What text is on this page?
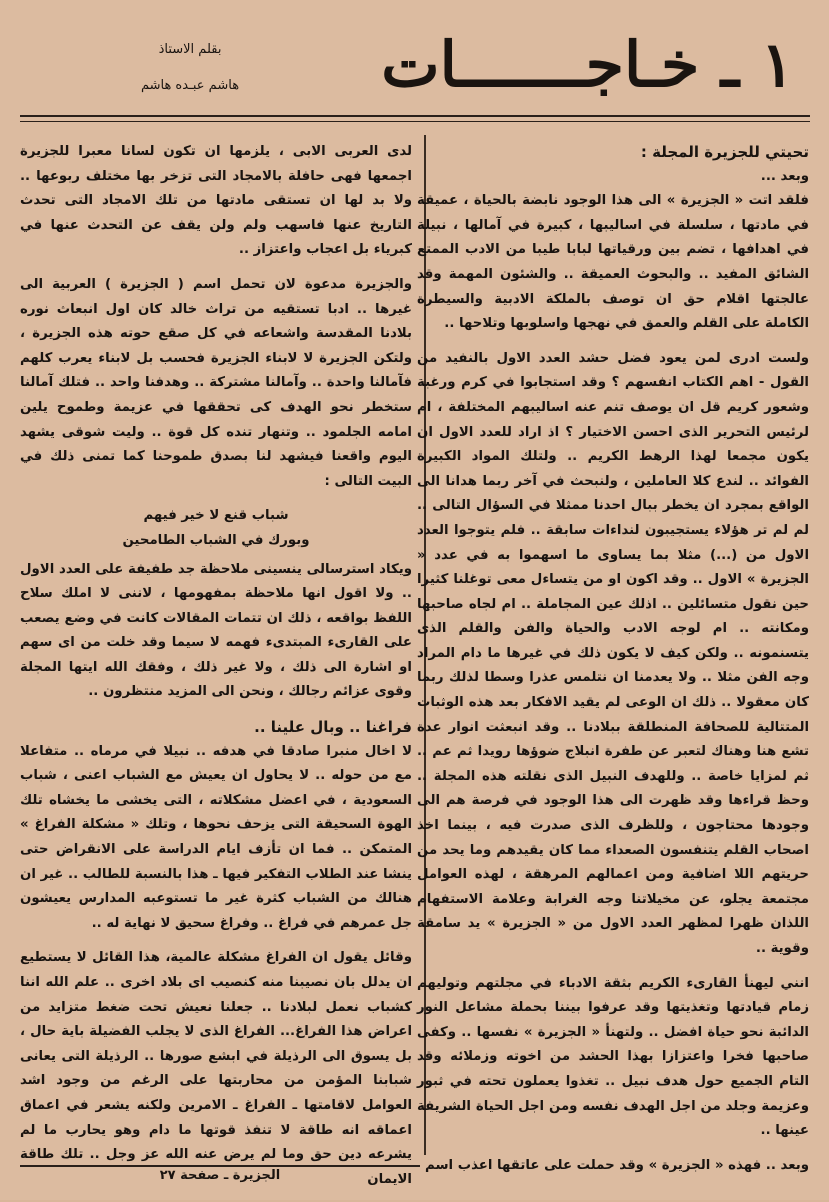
١ ـ خـاجـــــــات
بقلم الاستاذ
هاشم عبـده هاشم

تحيتي للجزيرة المجلة :

وبعد ...

فلقد اتت « الجزيرة » الى هذا الوجود نابضة بالحياة ، عميقة في مادتها ، سلسلة في اساليبها ، كبيرة في آمالها ، نبيلة في اهدافها ، تضم بين ورقياتها لبابا طيبا من الادب الممتع الشائق المفيد .. والبحوث العميقة .. والشئون المهمة وقد عالجتها اقلام حق ان توصف بالملكة الادبية والسيطرة الكاملة على القلم والعمق في نهجها واسلوبها وتلاحها ..

ولست ادرى لمن يعود فضل حشد العدد الاول بالنفيد من القول - اهم الكتاب انفسهم ؟ وقد استجابوا في كرم ورغبة وشعور كريم قل ان يوصف تنم عنه اساليبهم المختلفة ، ام لرئيس التحرير الذى احسن الاختيار ؟ اذ اراد للعدد الاول ان يكون مجمعا لهذا الرهط الكريم .. ولتلك المواد الكبيرة الفوائد .. لندع كلا العاملين ، ولنبحث في آخر ربما هدانا الى الواقع بمجرد ان يخطر ببال احدنا ممثلا في السؤال التالى .. لم لم تر هؤلاء يستجيبون لنداءات سابقة .. فلم يتوجوا العدد الاول من (...) مثلا بما يساوى ما اسهموا به في عدد « الجزيرة » الاول .. وقد اكون او من يتساءل معى توغلنا كثيرا حين نقول متسائلين .. اذلك عين المجاملة .. ام لجاه صاحبها ومكانته .. ام لوجه الادب والحياة والفن والقلم الذى يتسنمونه .. ولكن كيف لا يكون ذلك في غيرها ما دام المراد وجه الفن مثلا .. ولا يعدمنا ان نتلمس عذرا وسطا لذلك ربما كان معقولا .. ذلك ان الوعى لم يقيد الافكار بعد هذه الوثبات المتتالية للصحافة المنطلقة ببلادنا .. وقد انبعثت انوار عدة تشع هنا وهناك لتعبر عن طفرة انبلاج ضوؤها رويدا ثم عم .. ثم لمزايا خاصة .. وللهدف النبيل الذى نقلته هذه المجلة .. وحظ قراءها وقد ظهرت الى هذا الوجود في فرصة هم الى وجودها محتاجون ، وللظرف الذى صدرت فيه ، بينما اخذ اصحاب القلم يتنفسون الصعداء مما كان يقيدهم وما يحد من حريتهم اللا اضافية ومن اعمالهم المرهقة ، لهذه العوامل مجتمعة يجلو، عن مخيلاتنا وجه الغرابة وعلامة الاستفهام اللذان ظهرا لمظهر العدد الاول من « الجزيرة » يد سامقة وقوية ..

انني ليهنأ القارىء الكريم بثقة الادباء في مجلتهم وتوليهم زمام قيادتها وتغذيتها وقد عرفوا بيننا بحملة مشاعل النور الدائبة نحو حياة افضل .. ولتهنأ « الجزيرة » نفسها .. وكفى صاحبها فخرا واعتزازا بهذا الحشد من اخوته وزملائه وقد التام الجميع حول هدف نبيل .. تغذوا يعملون تحته في ثبور وعزيمة وجلد من اجل الهدف نفسه ومن اجل الحياة الشريفة عينها ..

وبعد .. فهذه « الجزيرة » وقد حملت على عاتقها اعذب اسم

لدى العربى الابى ، يلزمها ان تكون لسانا معبرا للجزيرة اجمعها فهى حافلة بالامجاد التى تزخر بها مختلف ربوعها .. ولا بد لها ان تستقى مادتها من تلك الامجاد التى تحدث التاريخ عنها فاسهب ولم ولن يقف عن التحدث عنها في كبرياء بل اعجاب واعتزاز ..

والجزيرة مدعوة لان تحمل اسم ( الجزيرة ) العربية الى غيرها .. ادبا تستقيه من تراث خالد كان اول انبعاث نوره بلادنا المقدسة واشعاعه في كل صقع حوته هذه الجزيرة ، ولتكن الجزيرة لا لابناء الجزيرة فحسب بل لابناء يعرب كلهم فآمالنا واحدة .. وآمالنا مشتركة .. وهدفنا واحد .. فتلك آمالنا ستخطر نحو الهدف كى تحققها في عزيمة وطموح يلين امامه الجلمود .. وتنهار تنده كل قوة .. وليت شوقى يشهد اليوم واقعنا فيشهد لنا بصدق طموحنا كما تمنى ذلك في البيت التالى :

شباب قنع لا خير فيهم

وبورك في الشباب الطامحين

ويكاد استرسالى ينسينى ملاحظة جد طفيفة على العدد الاول .. ولا اقول انها ملاحظة بمفهومها ، لاننى لا املك سلاح اللفظ بواقعه ، ذلك ان تتمات المقالات كانت في وضع يصعب على القارىء المبتدىء فهمه لا سيما وقد خلت من اى سهم او اشارة الى ذلك ، ولا غير ذلك ، وفقك الله ايتها المجلة وقوى عزائم رجالك ، ونحن الى المزيد منتظرون ..

فراغنا .. وبال علينا ..

لا اخال منبرا صادقا في هدفه .. نبيلا في مرماه .. متفاعلا مع من حوله .. لا يحاول ان يعيش مع الشباب اعنى ، شباب السعودية ، في اعضل مشكلاته ، التى يخشى ما يخشاه تلك الهوة السحيقة التى يزحف نحوها ، وتلك « مشكلة الفراغ » المتمكن .. فما ان تأزف ايام الدراسة على الانقراض حتى ينشا عند الطلاب التفكير فيها ـ هذا بالنسبة للطالب .. غير ان هنالك من الشباب كثرة غير ما تستوعبه المدارس يعيشون جل عمرهم في فراغ .. وفراغ سحيق لا نهاية له ..

وقائل يقول ان الفراغ مشكلة عالمية، هذا القائل لا يستطيع ان يدلل بان نصيبنا منه كنصيب اى بلاد اخرى .. علم الله اننا كشباب نعمل لبلادنا .. جعلنا نعيش تحت ضغط متزايد من اعراض هذا الفراغ... الفراغ الذى لا يجلب الفضيلة باية حال ، بل يسوق الى الرذيلة في ابشع صورها .. الرذيلة التى يعانى شبابنا المؤمن من محاربتها على الرغم من وجود اشد العوامل لاقامتها ـ الفراغ ـ الامرين ولكنه يشعر في اعماق اعماقه انه طاقة لا تنفذ قوتها ما دام وهو يحارب ما لم يشرعه دين حق وما لم يرض عنه الله عز وجل .. تلك طاقة الايمان

الجزيرة ـ صفحة ٢٧
